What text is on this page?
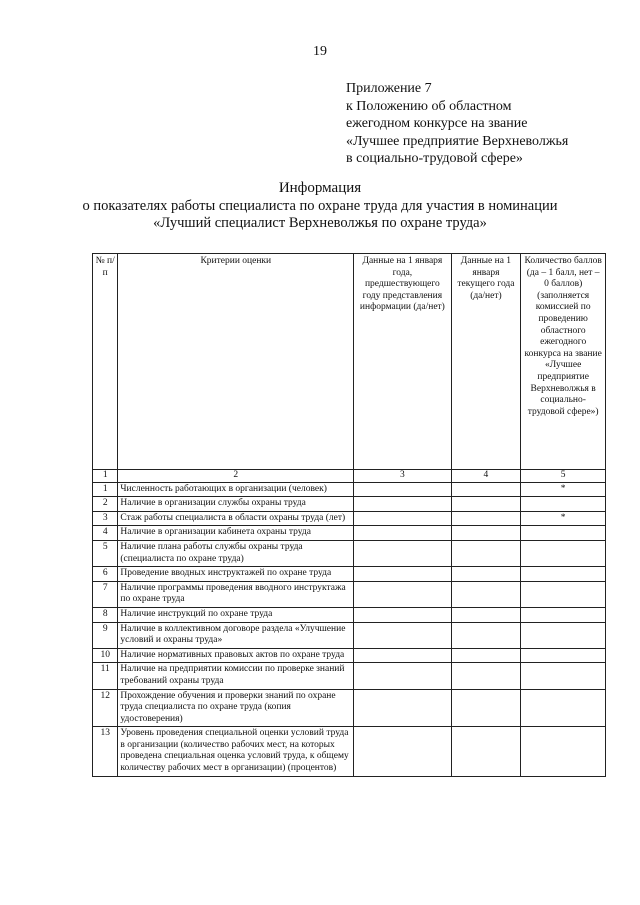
19
Приложение 7
к Положению об областном
ежегодном конкурсе на звание
«Лучшее предприятие Верхневолжья
в социально-трудовой сфере»
Информация
о показателях работы специалиста по охране труда для участия в номинации
«Лучший специалист Верхневолжья по охране труда»
№ п/п	Критерии оценки	Данные на 1 января года, предшествующего году представления информации (да/нет)	Данные на 1 января текущего года (да/нет)	Количество баллов (да – 1 балл, нет – 0 баллов) (заполняется комиссией по проведению областного ежегодного конкурса на звание «Лучшее предприятие Верхневолжья в социально-трудовой сфере»)
1	2	3	4	5
1	Численность работающих в организации (человек)			*
2	Наличие в организации службы охраны труда			
3	Стаж работы специалиста в области охраны труда (лет)			*
4	Наличие в организации кабинета охраны труда			
5	Наличие плана работы службы охраны труда (специалиста по охране труда)			
6	Проведение вводных инструктажей по охране труда			
7	Наличие программы проведения вводного инструктажа по охране труда			
8	Наличие инструкций по охране труда			
9	Наличие в коллективном договоре раздела «Улучшение условий и охраны труда»			
10	Наличие нормативных правовых актов по охране труда			
11	Наличие на предприятии комиссии по проверке знаний требований охраны труда			
12	Прохождение обучения и проверки знаний по охране труда специалиста по охране труда (копия удостоверения)			
13	Уровень проведения специальной оценки условий труда в организации (количество рабочих мест, на которых проведена специальная оценка условий труда, к общему количеству рабочих мест в организации) (процентов)			
